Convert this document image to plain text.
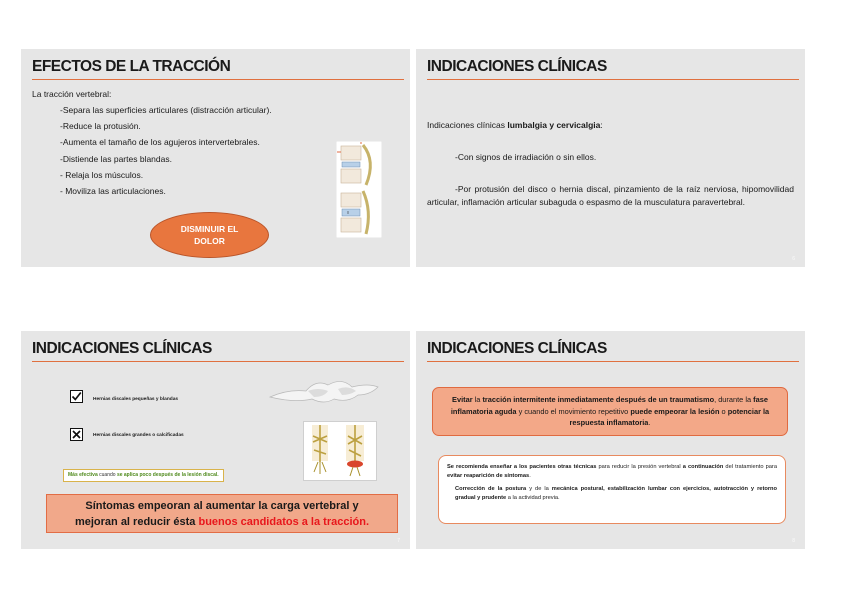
EFECTOS DE LA TRACCIÓN
La tracción vertebral:
-Separa las superficies articulares (distracción articular).
-Reduce la protusión.
-Aumenta el tamaño de los agujeros intervertebrales.
-Distiende las partes blandas.
- Relaja los músculos.
- Moviliza las articulaciones.
DISMINUIR EL
DOLOR
INDICACIONES CLÍNICAS
Indicaciones clínicas lumbalgia y cervicalgia:
-Con signos de irradiación o sin ellos.
-Por protusión del disco o hernia discal, pinzamiento de la raíz nerviosa, hipomovilidad articular, inflamación articular subaguda o espasmo de la musculatura paravertebral.
6
INDICACIONES CLÍNICAS
Hernias discales pequeñas y blandas
Hernias discales grandes o calcificadas
Más efectiva cuando se aplica poco después de la lesión discal.
Síntomas empeoran al aumentar la carga vertebral y
mejoran al reducir ésta buenos candidatos a la tracción.
7
INDICACIONES CLÍNICAS
Evitar la tracción intermitente inmediatamente después de un traumatismo, durante la fase inflamatoria aguda y cuando el movimiento repetitivo puede empeorar la lesión o potenciar la respuesta inflamatoria.
Se recomienda enseñar a los pacientes otras técnicas para reducir la presión vertebral a continuación del tratamiento para evitar reaparición de síntomas.
Corrección de la postura y de la mecánica postural, estabilización lumbar con ejercicios, autotracción y retorno gradual y prudente a la actividad previa.
8
